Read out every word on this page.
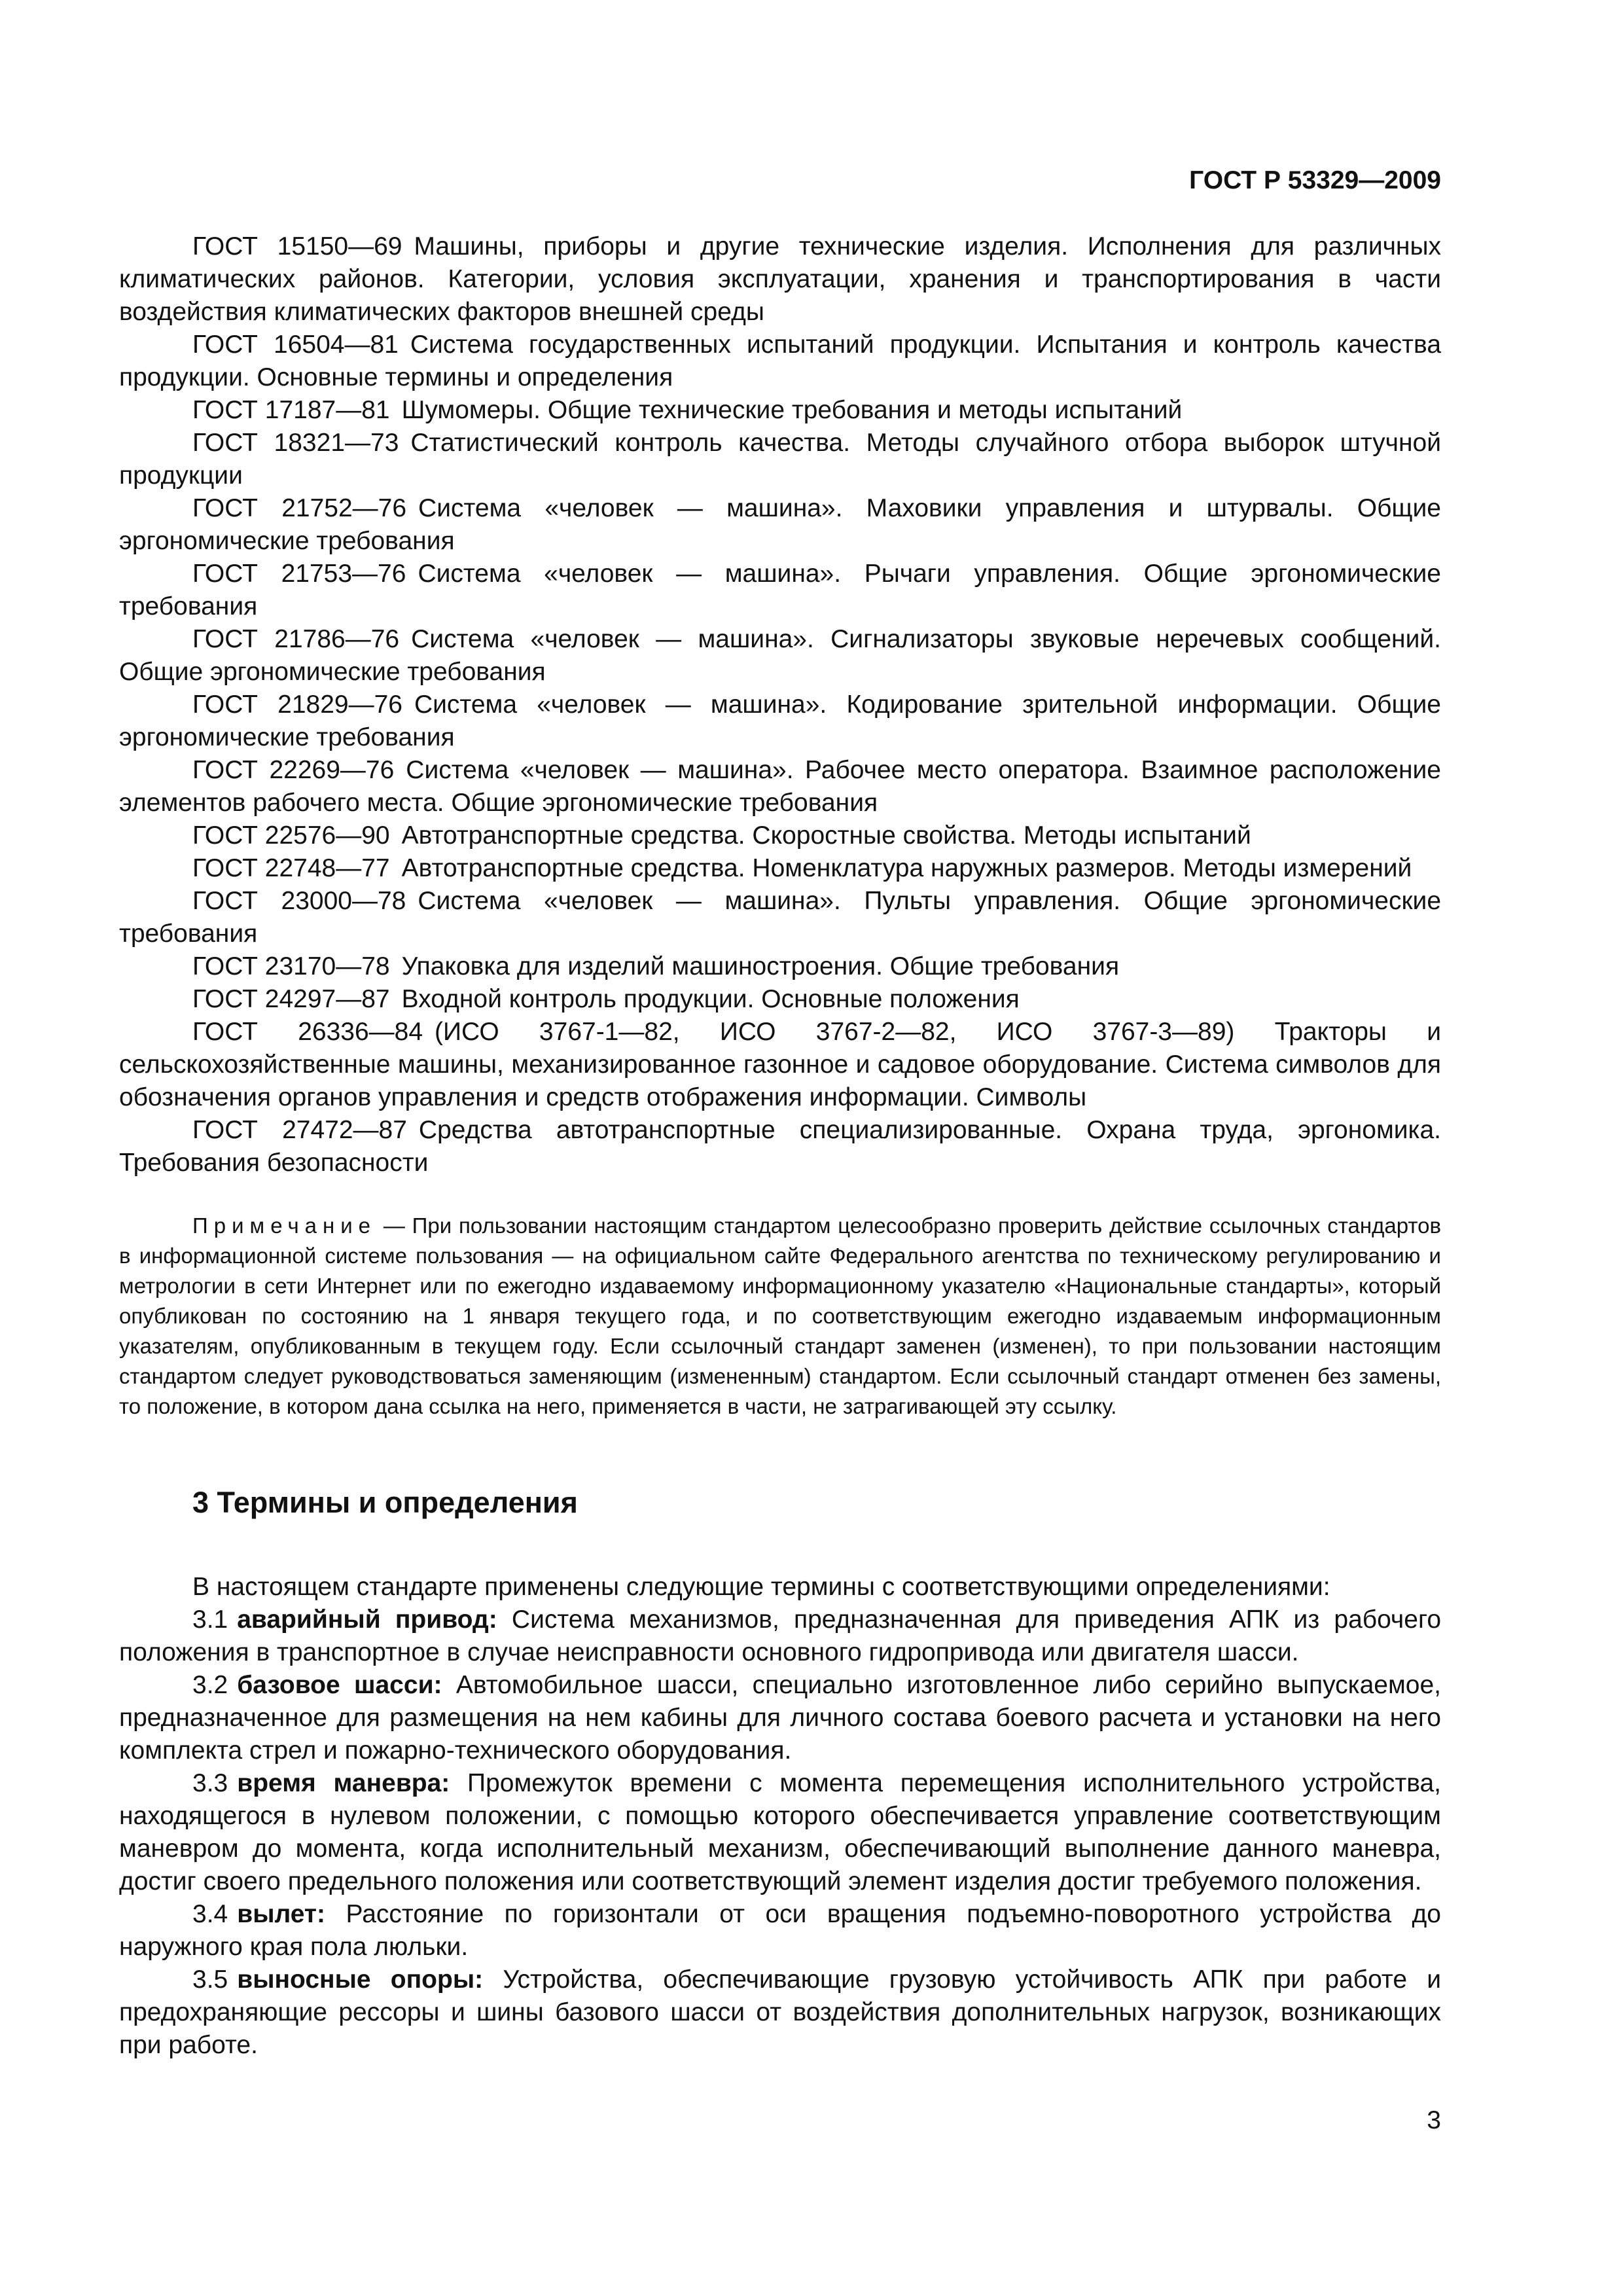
ГОСТ Р 53329—2009

ГОСТ 15150—69 Машины, приборы и другие технические изделия. Исполнения для различных климатических районов. Категории, условия эксплуатации, хранения и транспортирования в части воздействия климатических факторов внешней среды

ГОСТ 16504—81 Система государственных испытаний продукции. Испытания и контроль качества продукции. Основные термины и определения

ГОСТ 17187—81 Шумомеры. Общие технические требования и методы испытаний

ГОСТ 18321—73 Статистический контроль качества. Методы случайного отбора выборок штучной продукции

ГОСТ 21752—76 Система «человек — машина». Маховики управления и штурвалы. Общие эргономические требования

ГОСТ 21753—76 Система «человек — машина». Рычаги управления. Общие эргономические требования

ГОСТ 21786—76 Система «человек — машина». Сигнализаторы звуковые неречевых сообщений. Общие эргономические требования

ГОСТ 21829—76 Система «человек — машина». Кодирование зрительной информации. Общие эргономические требования

ГОСТ 22269—76 Система «человек — машина». Рабочее место оператора. Взаимное расположение элементов рабочего места. Общие эргономические требования

ГОСТ 22576—90 Автотранспортные средства. Скоростные свойства. Методы испытаний

ГОСТ 22748—77 Автотранспортные средства. Номенклатура наружных размеров. Методы измерений

ГОСТ 23000—78 Система «человек — машина». Пульты управления. Общие эргономические требования

ГОСТ 23170—78 Упаковка для изделий машиностроения. Общие требования

ГОСТ 24297—87 Входной контроль продукции. Основные положения

ГОСТ 26336—84 (ИСО 3767-1—82, ИСО 3767-2—82, ИСО 3767-3—89) Тракторы и сельскохозяйственные машины, механизированное газонное и садовое оборудование. Система символов для обозначения органов управления и средств отображения информации. Символы

ГОСТ 27472—87 Средства автотранспортные специализированные. Охрана труда, эргономика. Требования безопасности

Примечание — При пользовании настоящим стандартом целесообразно проверить действие ссылочных стандартов в информационной системе пользования — на официальном сайте Федерального агентства по техническому регулированию и метрологии в сети Интернет или по ежегодно издаваемому информационному указателю «Национальные стандарты», который опубликован по состоянию на 1 января текущего года, и по соответствующим ежегодно издаваемым информационным указателям, опубликованным в текущем году. Если ссылочный стандарт заменен (изменен), то при пользовании настоящим стандартом следует руководствоваться заменяющим (измененным) стандартом. Если ссылочный стандарт отменен без замены, то положение, в котором дана ссылка на него, применяется в части, не затрагивающей эту ссылку.

3 Термины и определения

В настоящем стандарте применены следующие термины с соответствующими определениями:

3.1 аварийный привод: Система механизмов, предназначенная для приведения АПК из рабочего положения в транспортное в случае неисправности основного гидропривода или двигателя шасси.

3.2 базовое шасси: Автомобильное шасси, специально изготовленное либо серийно выпускаемое, предназначенное для размещения на нем кабины для личного состава боевого расчета и установки на него комплекта стрел и пожарно-технического оборудования.

3.3 время маневра: Промежуток времени с момента перемещения исполнительного устройства, находящегося в нулевом положении, с помощью которого обеспечивается управление соответствующим маневром до момента, когда исполнительный механизм, обеспечивающий выполнение данного маневра, достиг своего предельного положения или соответствующий элемент изделия достиг требуемого положения.

3.4 вылет: Расстояние по горизонтали от оси вращения подъемно-поворотного устройства до наружного края пола люльки.

3.5 выносные опоры: Устройства, обеспечивающие грузовую устойчивость АПК при работе и предохраняющие рессоры и шины базового шасси от воздействия дополнительных нагрузок, возникающих при работе.

3
